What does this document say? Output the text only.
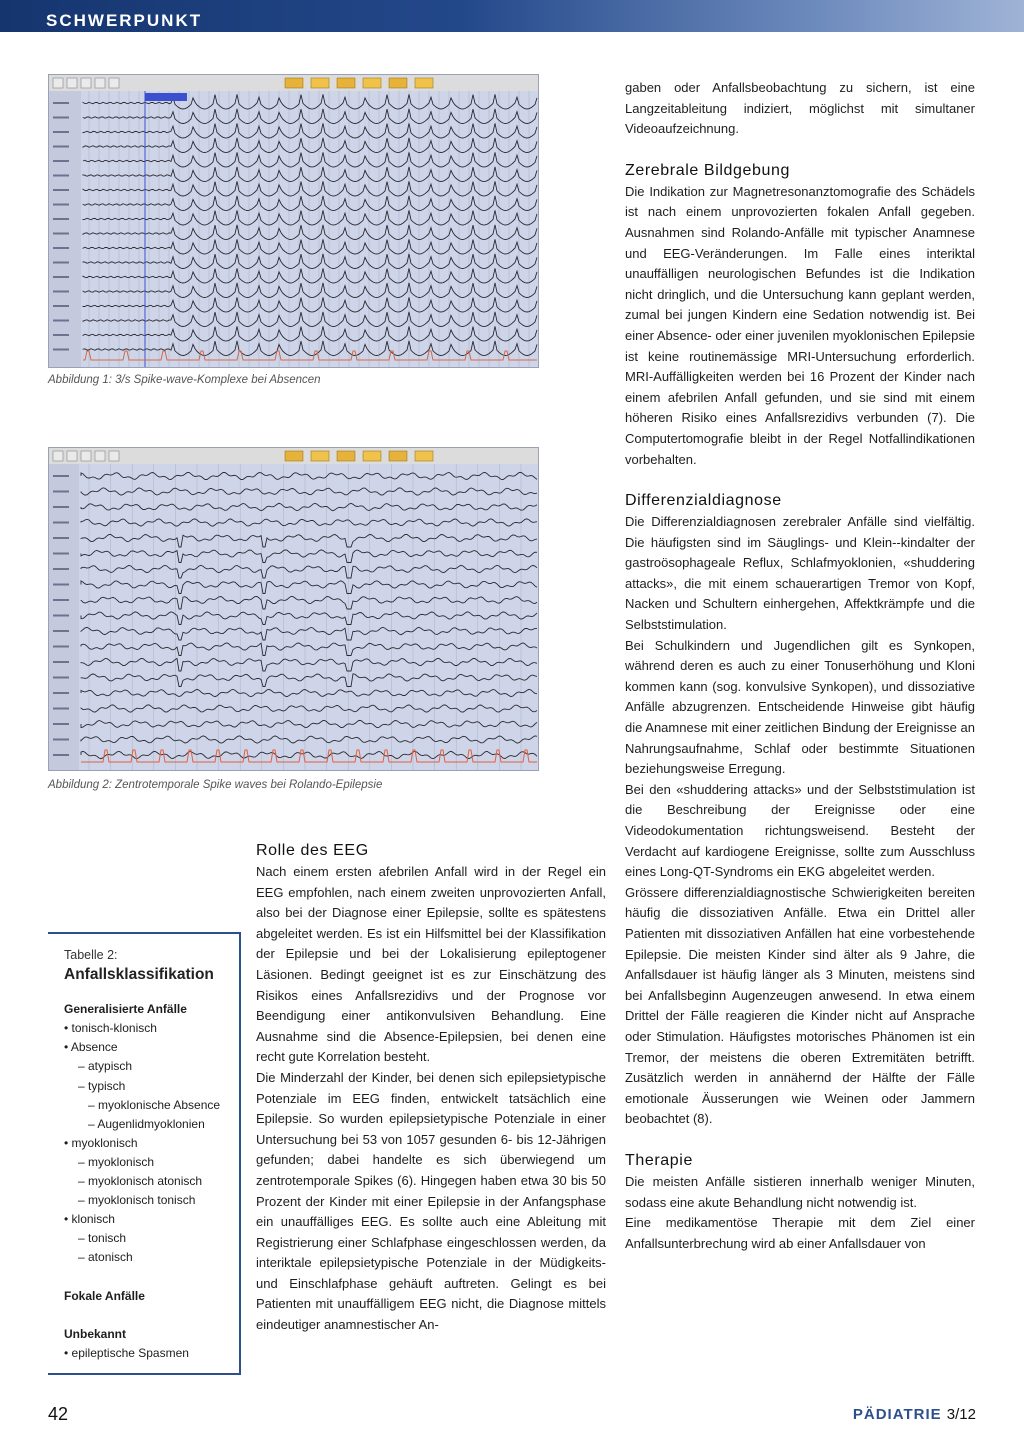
SCHWERPUNKT
Abbildung 1: 3/s Spike-wave-Komplexe bei Absencen
Abbildung 2: Zentrotemporale Spike waves bei Rolando-Epilepsie
Tabelle 2:
Anfallsklassifikation
Generalisierte Anfälle
• tonisch-klonisch
• Absence
– atypisch
– typisch
– myoklonische Absence
– Augenlidmyoklonien
• myoklonisch
– myoklonisch
– myoklonisch atonisch
– myoklonisch tonisch
• klonisch
– tonisch
– atonisch
Fokale Anfälle
Unbekannt
• epileptische Spasmen
Rolle des EEG

Nach einem ersten afebrilen Anfall wird in der Regel ein EEG empfohlen, nach einem zweiten unprovozierten Anfall, also bei der Diagnose einer Epilepsie, sollte es spätestens abgeleitet werden. Es ist ein Hilfsmittel bei der Klassifikation der Epilepsie und bei der Lokalisierung epileptogener Läsionen. Bedingt geeignet ist es zur Einschätzung des Risikos eines Anfallsrezidivs und der Prognose vor Beendigung einer antikonvulsiven Behandlung. Eine Ausnahme sind die Absence-Epilepsien, bei denen eine recht gute Korrelation besteht.

Die Minderzahl der Kinder, bei denen sich epilepsietypische Potenziale im EEG finden, entwickelt tatsächlich eine Epilepsie. So wurden epilepsietypische Potenziale in einer Untersuchung bei 53 von 1057 gesunden 6- bis 12-Jährigen gefunden; dabei handelte es sich überwiegend um zentrotemporale Spikes (6). Hingegen haben etwa 30 bis 50 Prozent der Kinder mit einer Epilepsie in der Anfangsphase ein unauffälliges EEG. Es sollte auch eine Ableitung mit Registrierung einer Schlafphase eingeschlossen werden, da interiktale epilepsietypische Potenziale in der Müdigkeits- und Einschlafphase gehäuft auftreten. Gelingt es bei Patienten mit unauffälligem EEG nicht, die Diagnose mittels eindeutiger anamnestischer An-

gaben oder Anfallsbeobachtung zu sichern, ist eine Langzeitableitung indiziert, möglichst mit simultaner Videoaufzeichnung.

Zerebrale Bildgebung

Die Indikation zur Magnetresonanztomografie des Schädels ist nach einem unprovozierten fokalen Anfall gegeben. Ausnahmen sind Rolando-Anfälle mit typischer Anamnese und EEG-Veränderungen. Im Falle eines interiktal unauffälligen neurologischen Befundes ist die Indikation nicht dringlich, und die Untersuchung kann geplant werden, zumal bei jungen Kindern eine Sedation notwendig ist. Bei einer Absence- oder einer juvenilen myoklonischen Epilepsie ist keine routinemässige MRI-Untersuchung erforderlich. MRI-Auffälligkeiten werden bei 16 Prozent der Kinder nach einem afebrilen Anfall gefunden, und sie sind mit einem höheren Risiko eines Anfallsrezidivs verbunden (7). Die Computertomografie bleibt in der Regel Notfallindikationen vorbehalten.

Differenzialdiagnose

Die Differenzialdiagnosen zerebraler Anfälle sind vielfältig. Die häufigsten sind im Säuglings- und Klein-‑kindalter der gastroösophageale Reflux, Schlafmyoklonien, «shuddering attacks», die mit einem schauerartigen Tremor von Kopf, Nacken und Schultern einhergehen, Affektkrämpfe und die Selbststimulation.

Bei Schulkindern und Jugendlichen gilt es Synkopen, während deren es auch zu einer Tonuserhöhung und Kloni kommen kann (sog. konvulsive Synkopen), und dissoziative Anfälle abzugrenzen. Entscheidende Hinweise gibt häufig die Anamnese mit einer zeitlichen Bindung der Ereignisse an Nahrungsaufnahme, Schlaf oder bestimmte Situationen beziehungsweise Erregung.

Bei den «shuddering attacks» und der Selbststimulation ist die Beschreibung der Ereignisse oder eine Videodokumentation richtungsweisend. Besteht der Verdacht auf kardiogene Ereignisse, sollte zum Ausschluss eines Long-QT-Syndroms ein EKG abgeleitet werden.

Grössere differenzialdiagnostische Schwierigkeiten bereiten häufig die dissoziativen Anfälle. Etwa ein Drittel aller Patienten mit dissoziativen Anfällen hat eine vorbestehende Epilepsie. Die meisten Kinder sind älter als 9 Jahre, die Anfallsdauer ist häufig länger als 3 Minuten, meistens sind bei Anfallsbeginn Augenzeugen anwesend. In etwa einem Drittel der Fälle reagieren die Kinder nicht auf Ansprache oder Stimulation. Häufigstes motorisches Phänomen ist ein Tremor, der meistens die oberen Extremitäten betrifft. Zusätzlich werden in annähernd der Hälfte der Fälle emotionale Äusserungen wie Weinen oder Jammern beobachtet (8).

Therapie

Die meisten Anfälle sistieren innerhalb weniger Minuten, sodass eine akute Behandlung nicht notwendig ist.

Eine medikamentöse Therapie mit dem Ziel einer Anfallsunterbrechung wird ab einer Anfallsdauer von

42	PÄDIATRIE 3/12
